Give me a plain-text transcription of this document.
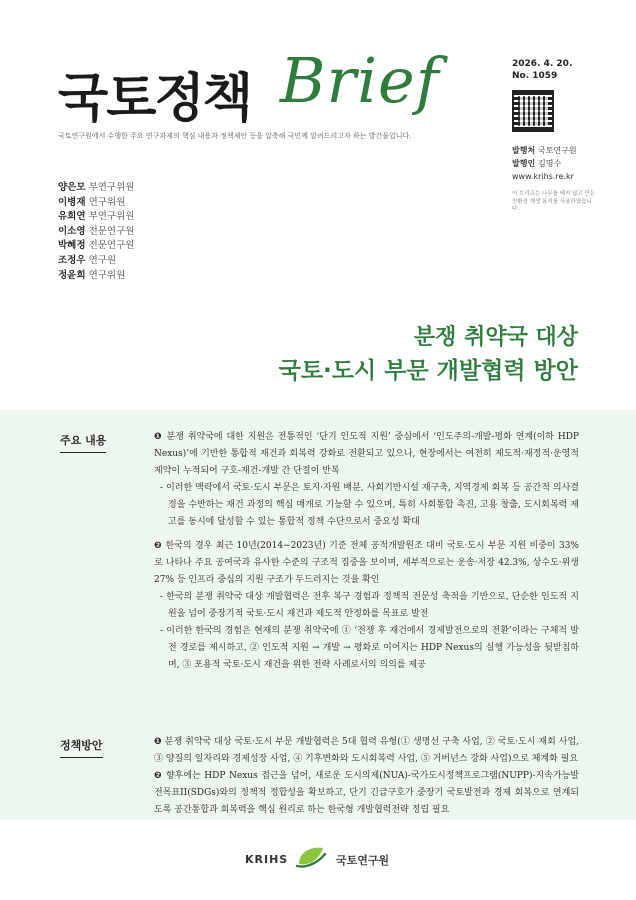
국토정책 Brief
국토연구원에서 수행한 주요 연구과제의 핵심 내용과 정책제안 등을 압축해 국민께 알려드리고자 하는 발간물입니다.
2026. 4. 20.
No. 1059
발행처 국토연구원
발행인 김명수
www.krihs.re.kr
이 브리프는 나무를 베지 않고 만든 친환경 재생 용지를 사용하였습니다.
양은모 부연구위원
이병재 연구위원
유희연 부연구위원
이소영 전문연구원
박혜정 전문연구원
조정우 연구원
정윤희 연구위원
분쟁 취약국 대상
국토·도시 부문 개발협력 방안
주요 내용	❶ 분쟁 취약국에 대한 지원은 전통적인 ‘단기 인도적 지원’ 중심에서 ‘인도주의-개발-평화 연계(이하 HDP Nexus)’에 기반한 통합적 재건과 회복력 강화로 전환되고 있으나, 현장에서는 여전히 제도적·재정적·운영적 제약이 누적되어 구호-재건-개발 간 단절이 반복
- 이러한 맥락에서 국토·도시 부문은 토지·자원 배분, 사회기반시설 재구축, 지역경제 회복 등 공간적 의사결정을 수반하는 재건 과정의 핵심 매개로 기능할 수 있으며, 특히 사회통합 촉진, 고용 창출, 도시회복력 제고를 동시에 달성할 수 있는 통합적 정책 수단으로서 중요성 확대
❷ 한국의 경우 최근 10년(2014~2023년) 기준 전체 공적개발원조 대비 국토·도시 부문 지원 비중이 33%로 나타나 주요 공여국과 유사한 수준의 구조적 집중을 보이며, 세부적으로는 운송·저장 42.3%, 상수도·위생 27% 등 인프라 중심의 지원 구조가 두드러지는 것을 확인
- 한국의 분쟁 취약국 대상 개발협력은 전후 복구 경험과 정책적 전문성 축적을 기반으로, 단순한 인도적 지원을 넘어 중장기적 국토·도시 재건과 제도적 안정화를 목표로 발전
- 이러한 한국의 경험은 현재의 분쟁 취약국에 ① ‘전쟁 후 재건에서 경제발전으로의 전환’이라는 구체적 발전 경로를 제시하고, ② 인도적 지원 → 개발 → 평화로 이어지는 HDP Nexus의 실행 가능성을 뒷받침하며, ③ 포용적 국토·도시 재건을 위한 전략 사례로서의 의의를 제공
정책방안	❶ 분쟁 취약국 대상 국토·도시 부문 개발협력은 5대 협력 유형(① 생명선 구축 사업, ② 국토·도시 재회 사업, ③ 양질의 일자리와 경제성장 사업, ④ 기후변화와 도시회복력 사업, ⑤ 거버넌스 강화 사업)으로 체계화 필요
❷ 향후에는 HDP Nexus 접근을 넘어, 새로운 도시의제(NUA)-국가도시정책프로그램(NUPP)-지속가능발전목표II(SDGs)와의 정책적 정합성을 확보하고, 단기 긴급구호가 중장기 국토발전과 경제 회복으로 연계되도록 공간통합과 회복력을 핵심 원리로 하는 한국형 개발협력전략 정립 필요
KRIHS	국토연구원
